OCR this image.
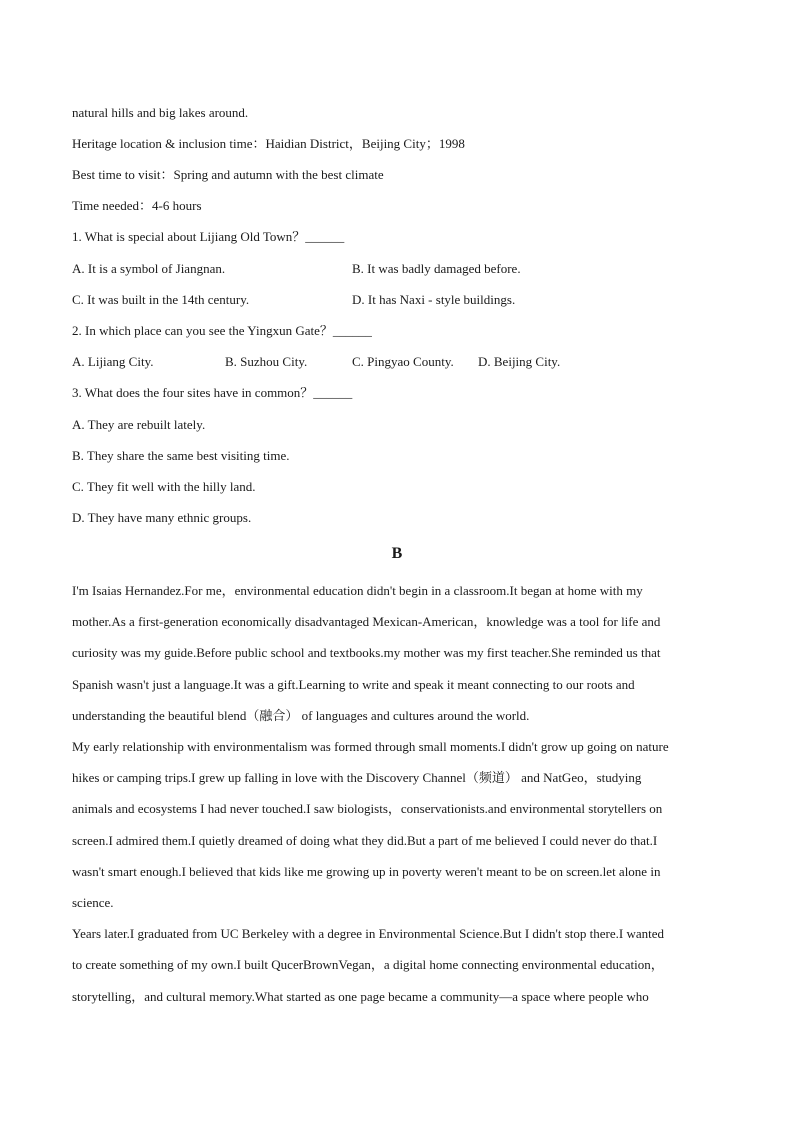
natural hills and big lakes around.
Heritage location & inclusion time：Haidian District，Beijing City；1998
Best time to visit：Spring and autumn with the best climate
Time needed：4-6 hours
1. What is special about Lijiang Old Town？______
A. It is a symbol of Jiangnan.	B. It was badly damaged before.
C. It was built in the 14th century.	D. It has Naxi - style buildings.
2. In which place can you see the Yingxun Gate？______
A. Lijiang City.	B. Suzhou City.	C. Pingyao County. D. Beijing City.
3. What does the four sites have in common？______
A. They are rebuilt lately.
B. They share the same best visiting time.
C. They fit well with the hilly land.
D. They have many ethnic groups.
B
I'm Isaias Hernandez.For me，environmental education didn't begin in a classroom.It began at home with my
mother.As a first-generation economically disadvantaged Mexican-American，knowledge was a tool for life and
curiosity was my guide.Before public school and textbooks.my mother was my first teacher.She reminded us that
Spanish wasn't just a language.It was a gift.Learning to write and speak it meant connecting to our roots and
understanding the beautiful blend（融合） of languages and cultures around the world.
My early relationship with environmentalism was formed through small moments.I didn't grow up going on nature
hikes or camping trips.I grew up falling in love with the Discovery Channel（频道） and NatGeo，studying
animals and ecosystems I had never touched.I saw biologists，conservationists.and environmental storytellers on
screen.I admired them.I quietly dreamed of doing what they did.But a part of me believed I could never do that.I
wasn't smart enough.I believed that kids like me growing up in poverty weren't meant to be on screen.let alone in
science.
Years later.I graduated from UC Berkeley with a degree in Environmental Science.But I didn't stop there.I wanted
to create something of my own.I built QucerBrownVegan，a digital home connecting environmental education，
storytelling，and cultural memory.What started as one page became a community—a space where people who
